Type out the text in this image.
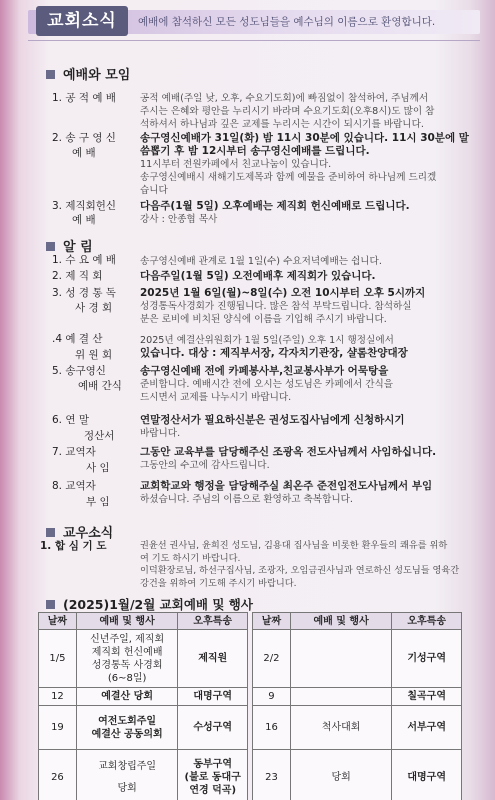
교회소식	예배에 참석하신 모든 성도님들을 예수님의 이름으로 환영합니다.
예배와 모임
1. 공 적 예 배	공적 예배(주일 낮, 오후, 수요기도회)에 빠짐없이 참석하여, 주님께서
주시는 은혜와 평안을 누리시기 바라며 수요기도회(오후8시)도 많이 참
석하셔서 하나님과 깊은 교제를 누리시는 시간이 되시기를 바랍니다.
2. 송 구 영 신
예 배
송구영신예배가 31일(화) 밤 11시 30분에 있습니다. 11시 30분에 말
씀뽑기 후 밤 12시부터 송구영신예배를 드립니다.
11시부터 전원카페에서 친교나눔이 있습니다.
송구영신예배시 새해기도제목과 함께 예물을 준비하여 하나님께 드리겠
습니다
3. 제직회헌신
예 배
다음주(1월 5일) 오후예배는 제직회 헌신예배로 드립니다.
강사 : 안종협 목사
알 림
1. 수 요 예 배	송구영신예배 관계로 1월 1일(수) 수요저녁예배는 쉽니다.
2. 제 직 회	다음주일(1월 5일) 오전예배후 제직회가 있습니다.
3. 성 경 통 독
사 경 회
2025년 1월 6일(월)~8일(수) 오전 10시부터 오후 5시까지
성경통독사경회가 진행됩니다. 많은 참석 부탁드립니다. 참석하실
분은 로비에 비치된 양식에 이름을 기입해 주시기 바랍니다.
.4 예 결 산
위 원 회
2025년 예결산위원회가 1월 5일(주일) 오후 1시 행정실에서
있습니다. 대상 : 제직부서장, 각자치기관장, 샬롬찬양대장
5. 송구영신
예배 간식
송구영신예배 전에 카페봉사부,친교봉사부가 어묵탕을
준비합니다. 예배시간 전에 오시는 성도님은 카페에서 간식을
드시면서 교제를 나누시기 바랍니다.
6. 연 말
정산서
연말정산서가 필요하신분은 권성도집사님에게 신청하시기
바랍니다.
7. 교역자
사 임
그동안 교육부를 담당해주신 조광옥 전도사님께서 사임하십니다.
그동안의 수고에 감사드립니다.
8. 교역자
부 임
교회학교와 행정을 담당해주실 최온주 준전임전도사님께서 부임
하셨습니다. 주님의 이름으로 환영하고 축복합니다.
교우소식
1. 합 심 기 도	권윤선 권사님, 윤희진 성도님, 김용대 집사님을 비롯한 환우들의 쾌유를 위하
여 기도 하시기 바랍니다.
이덕환장로님, 하선구집사님, 조광자, 오임금권사님과 연로하신 성도님들 영육간
강건을 위하여 기도해 주시기 바랍니다.
(2025)1월/2월 교회예배 및 행사
날짜	예배 및 행사	오후특송
1/5	신년주일, 제직회
제직회 헌신예배
성경통독 사경회
(6~8일)	제직원
12	예결산 당회	대명구역
19	여전도회주일
예결산 공동의회	수성구역
26	교회창립주일
당회	동부구역
(불로 동대구
연경 덕곡)
날짜	예배 및 행사	오후특송
2/2		기성구역
9		칠곡구역
16	척사대회	서부구역
23	당회	대명구역
